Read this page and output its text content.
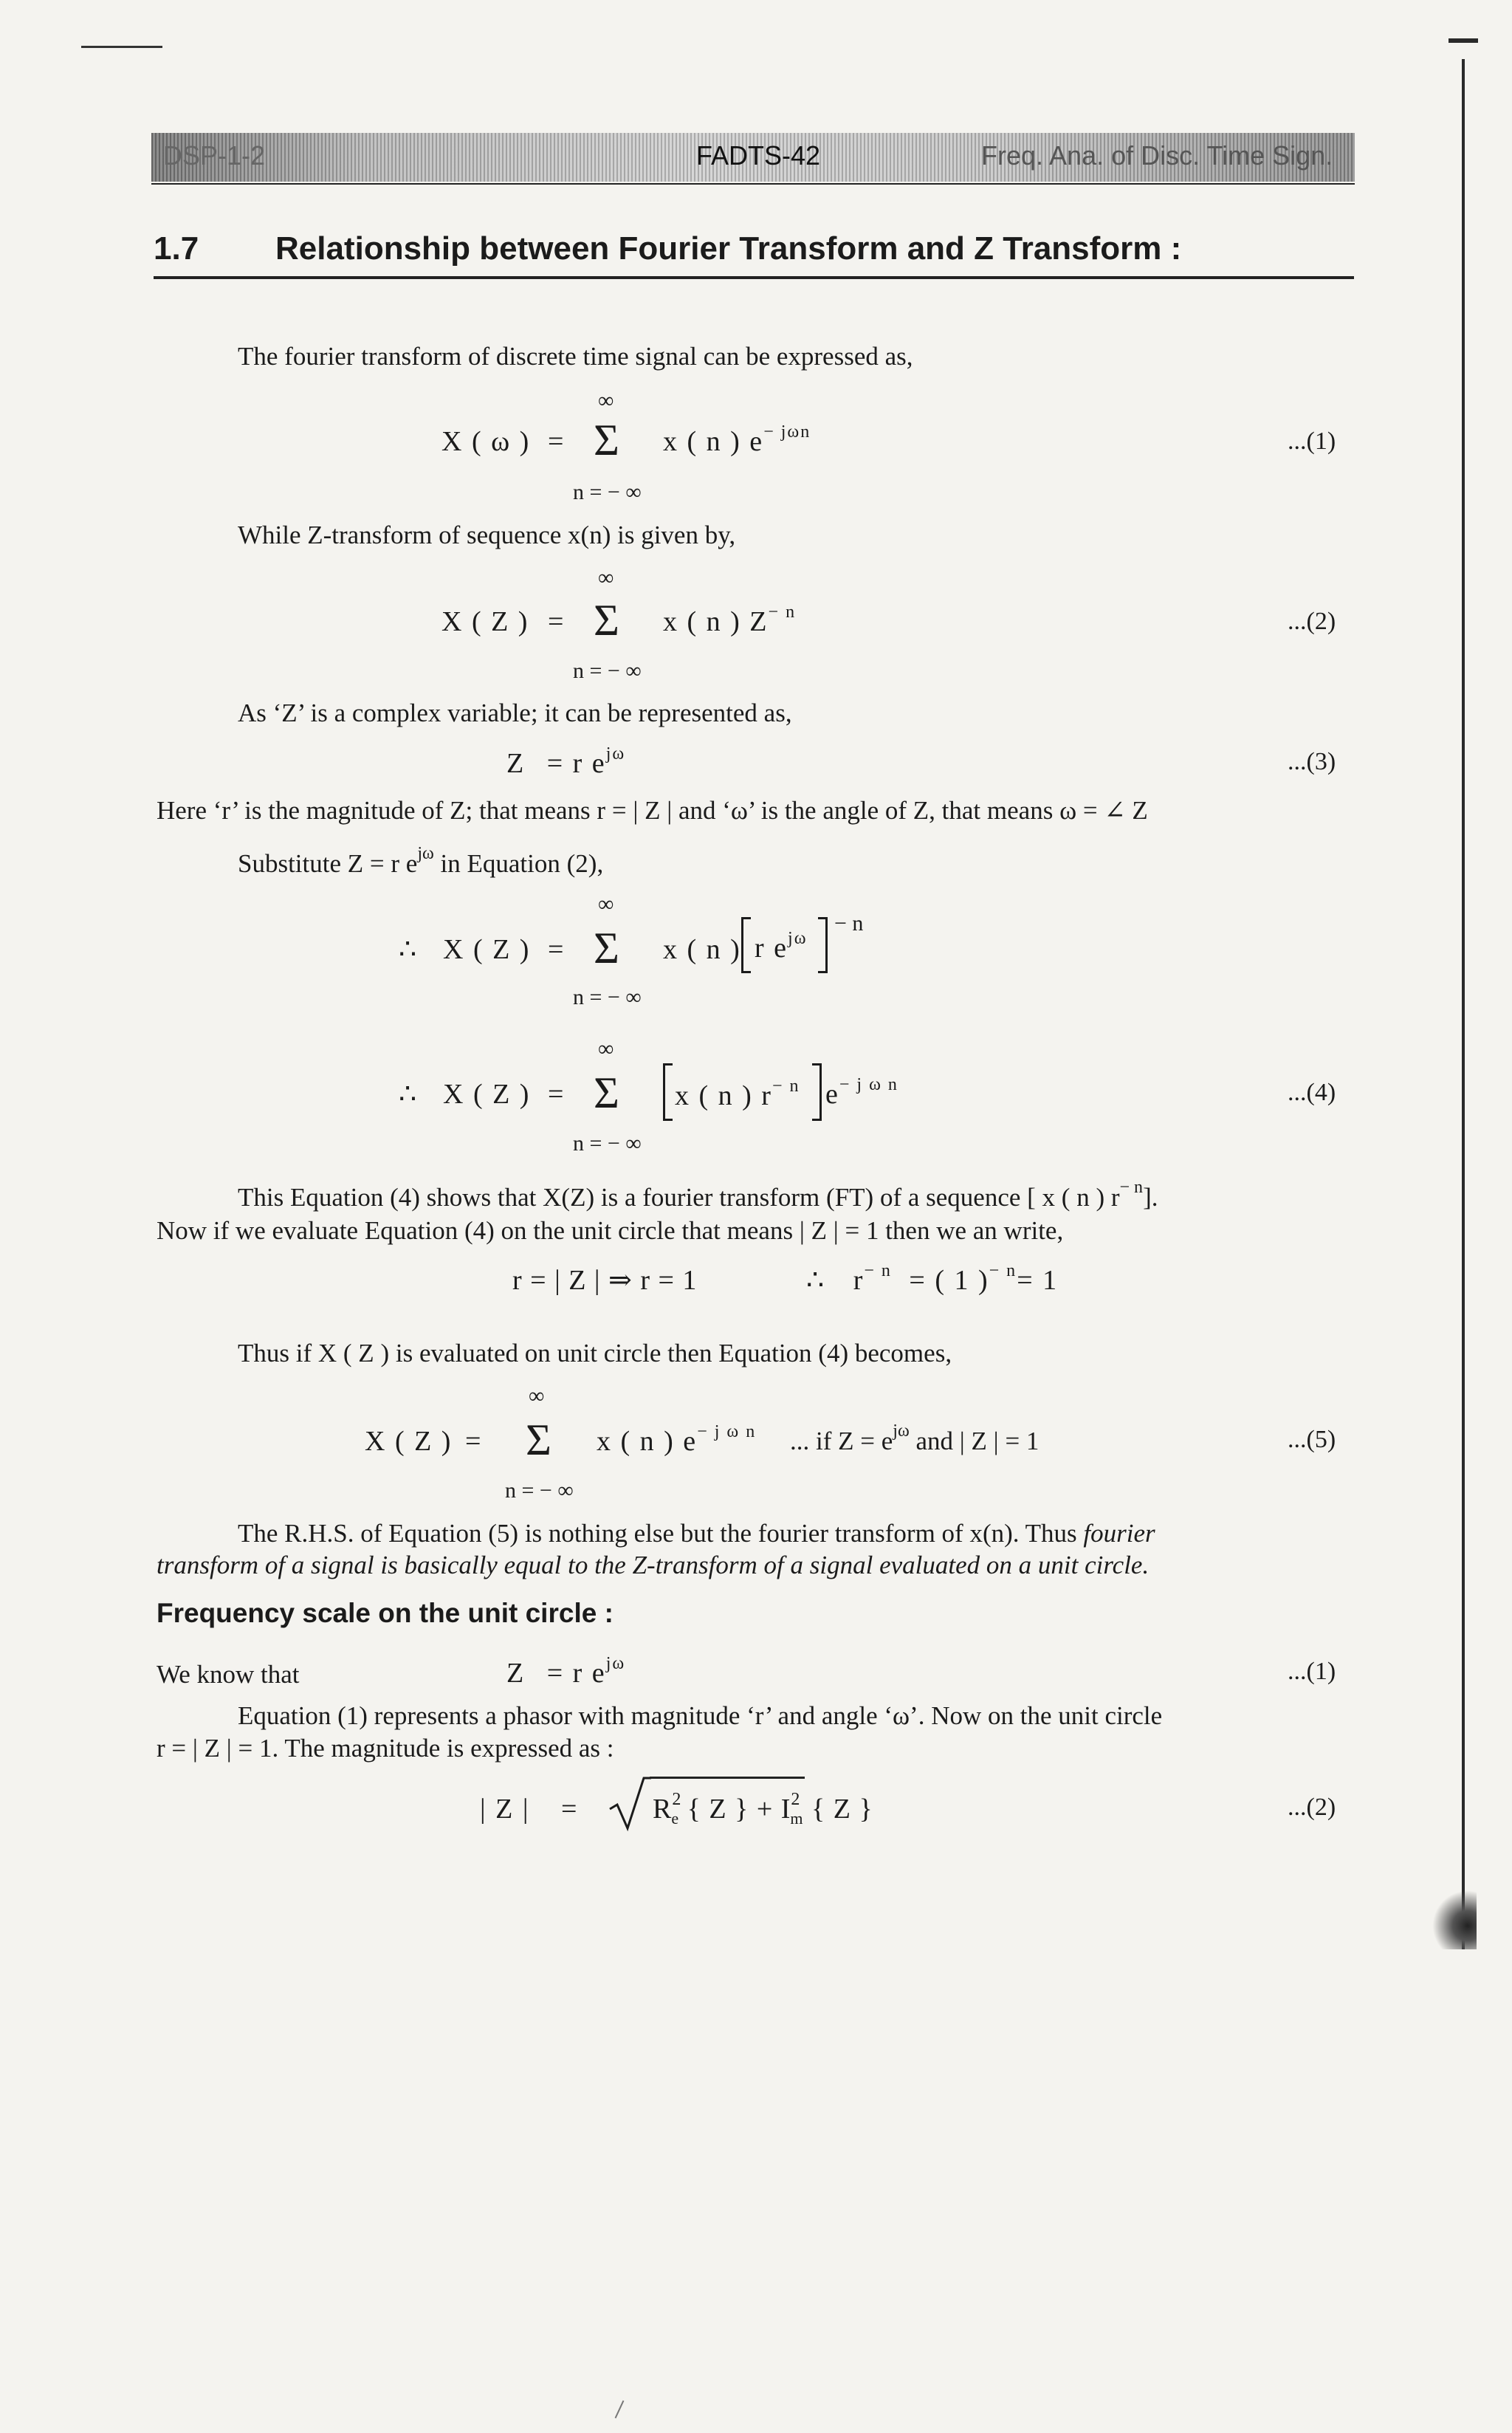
DSP-1-2	FADTS-42	Freq. Ana. of Disc. Time Sign.
1.7 Relationship between Fourier Transform and Z Transform :
The fourier transform of discrete time signal can be expressed as,
∞
X ( ω ) = Σ x ( n ) $e^{- j\omega n}$	...(1)
n = − ∞
While Z-transform of sequence x(n) is given by,
∞
X ( Z ) = Σ x ( n ) $Z^{- n}$	...(2)
n = − ∞
As ‘Z’ is a complex variable; it can be represented as,
Z = r $e^{j\omega}$	...(3)
Here ‘r’ is the magnitude of Z; that means r = | Z | and ‘ω’ is the angle of Z, that means ω = ∠ Z
Substitute Z = r $e^{j\omega}$ in Equation (2),
∞
∴ X ( Z ) = Σ x ( n ) r $e^{j\omega}$
− n
n = − ∞
∞
∴ X ( Z ) = Σ x ( n ) $r^{- n}$ $e^{- j \omega n}$	...(4)
n = − ∞
This Equation (4) shows that X(Z) is a fourier transform (FT) of a sequence [ x ( n ) $r^{- n}$].
Now if we evaluate Equation (4) on the unit circle that means | Z | = 1 then we an write,
r = | Z | ⇒ r = 1	∴ $r^{- n}$ = ( 1 )$^{- n}$= 1
Thus if X ( Z ) is evaluated on unit circle then Equation (4) becomes,
∞
X ( Z ) = Σ x ( n ) $e^{- j \omega n}$ ... if $Z = e^{j\omega}$ and | Z | = 1	...(5)
n = − ∞
The R.H.S. of Equation (5) is nothing else but the fourier transform of x(n). Thus fourier
transform of a signal is basically equal to the Z-transform of a signal evaluated on a unit circle.
Frequency scale on the unit circle :
We know that	Z = r $e^{j\omega}$	...(1)
Equation (1) represents a phasor with magnitude ‘r’ and angle ‘ω’. Now on the unit circle
r = | Z | = 1. The magnitude is expressed as :
| Z | =	$R^2_e$ { Z } + $I^2_m$ { Z }	...(2)
